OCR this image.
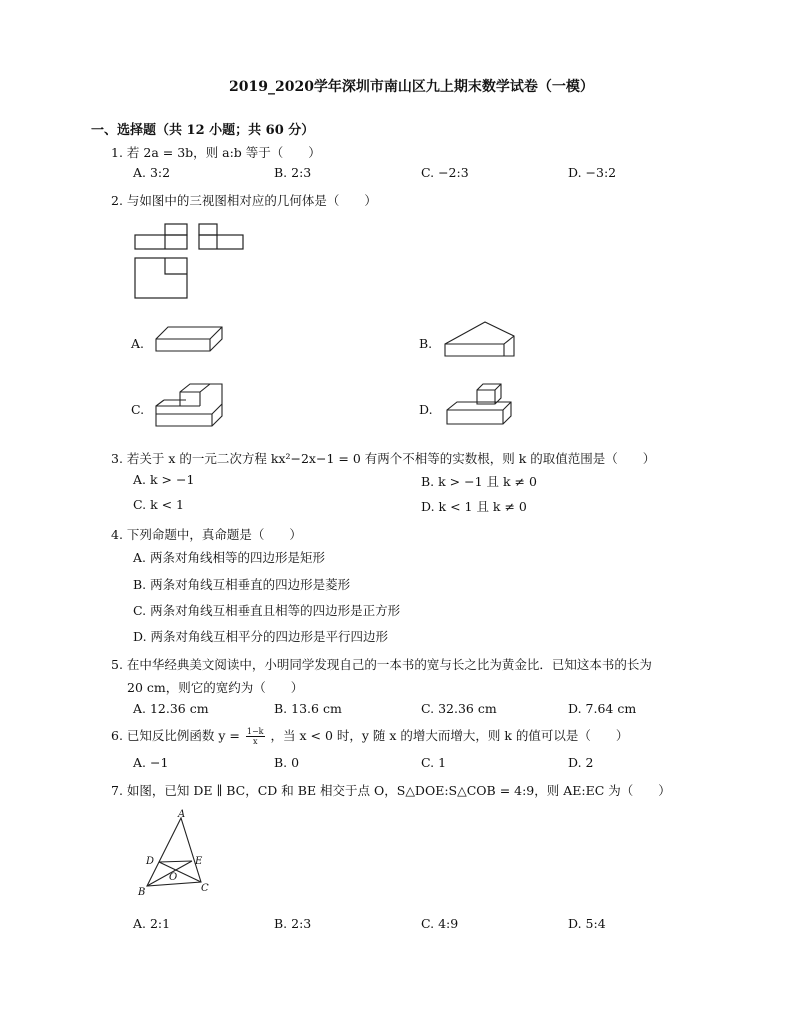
2019_2020学年深圳市南山区九上期末数学试卷（一模）
一、选择题（共 12 小题；共 60 分）
1. 若 2a = 3b，则 a:b 等于（　　）
A. 3:2	B. 2:3	C. −2:3	D. −3:2
2. 与如图中的三视图相对应的几何体是（　　）
A.	B.
C.	D.
3. 若关于 x 的一元二次方程 kx²−2x−1 = 0 有两个不相等的实数根，则 k 的取值范围是（　　）
A. k > −1	B. k > −1 且 k ≠ 0
C. k < 1	D. k < 1 且 k ≠ 0
4. 下列命题中，真命题是（　　）
A. 两条对角线相等的四边形是矩形
B. 两条对角线互相垂直的四边形是菱形
C. 两条对角线互相垂直且相等的四边形是正方形
D. 两条对角线互相平分的四边形是平行四边形
5. 在中华经典美文阅读中，小明同学发现自己的一本书的宽与长之比为黄金比．已知这本书的长为
20 cm，则它的宽约为（　　）
A. 12.36 cm	B. 13.6 cm	C. 32.36 cm	D. 7.64 cm
6. 已知反比例函数 $y = \frac{1-k}{x}$ ，当 x < 0 时，y 随 x 的增大而增大，则 k 的值可以是（　　）
A. −1	B. 0	C. 1	D. 2
7. 如图，已知 DE ∥ BC，CD 和 BE 相交于点 O，S△DOE:S△COB = 4:9，则 AE:EC 为（　　）
A
D	E
O
B	C
A. 2:1	B. 2:3	C. 4:9	D. 5:4
